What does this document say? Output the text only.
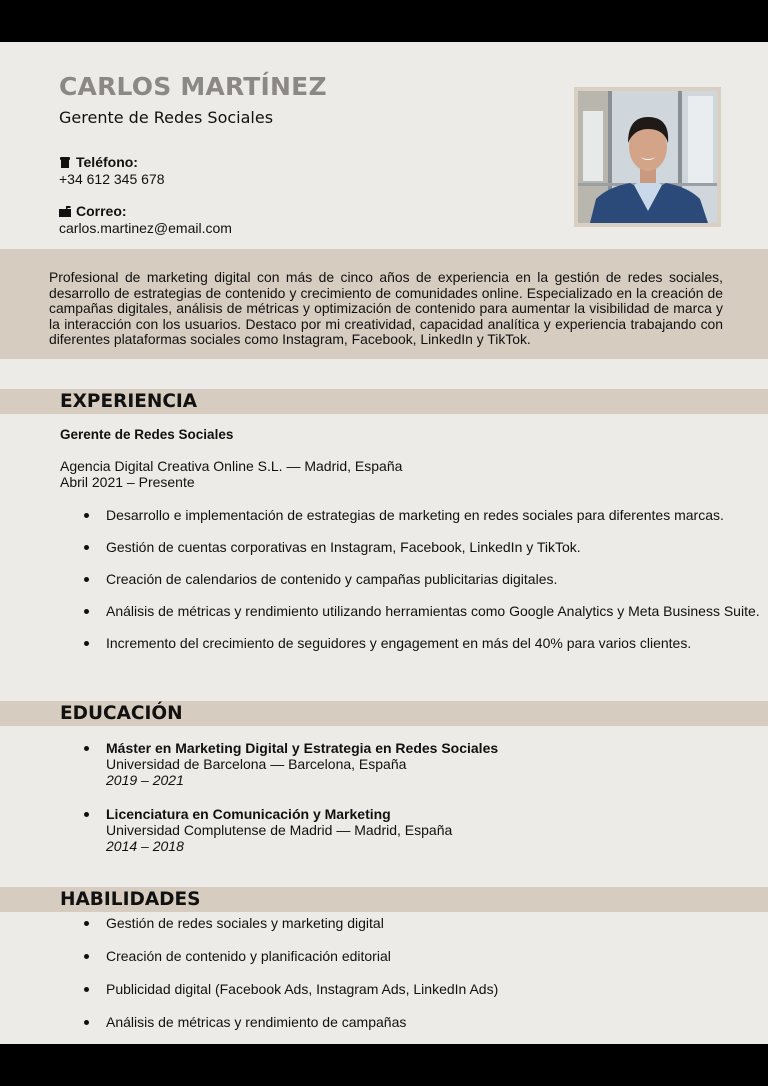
CARLOS MARTÍNEZ
Gerente de Redes Sociales
Teléfono:
+34 612 345 678
Correo:
carlos.martinez@email.com

Profesional de marketing digital con más de cinco años de experiencia en la gestión de redes sociales, desarrollo de estrategias de contenido y crecimiento de comunidades online. Especializado en la creación de campañas digitales, análisis de métricas y optimización de contenido para aumentar la visibilidad de marca y la interacción con los usuarios. Destaco por mi creatividad, capacidad analítica y experiencia trabajando con diferentes plataformas sociales como Instagram, Facebook, LinkedIn y TikTok.

EXPERIENCIA
Gerente de Redes Sociales
Agencia Digital Creativa Online S.L. — Madrid, España
Abril 2021 – Presente
Desarrollo e implementación de estrategias de marketing en redes sociales para diferentes marcas.
Gestión de cuentas corporativas en Instagram, Facebook, LinkedIn y TikTok.
Creación de calendarios de contenido y campañas publicitarias digitales.
Análisis de métricas y rendimiento utilizando herramientas como Google Analytics y Meta Business Suite.
Incremento del crecimiento de seguidores y engagement en más del 40% para varios clientes.
EDUCACIÓN
Máster en Marketing Digital y Estrategia en Redes Sociales
Universidad de Barcelona — Barcelona, España
2019 – 2021
Licenciatura en Comunicación y Marketing
Universidad Complutense de Madrid — Madrid, España
2014 – 2018
HABILIDADES
Gestión de redes sociales y marketing digital
Creación de contenido y planificación editorial
Publicidad digital (Facebook Ads, Instagram Ads, LinkedIn Ads)
Análisis de métricas y rendimiento de campañas
